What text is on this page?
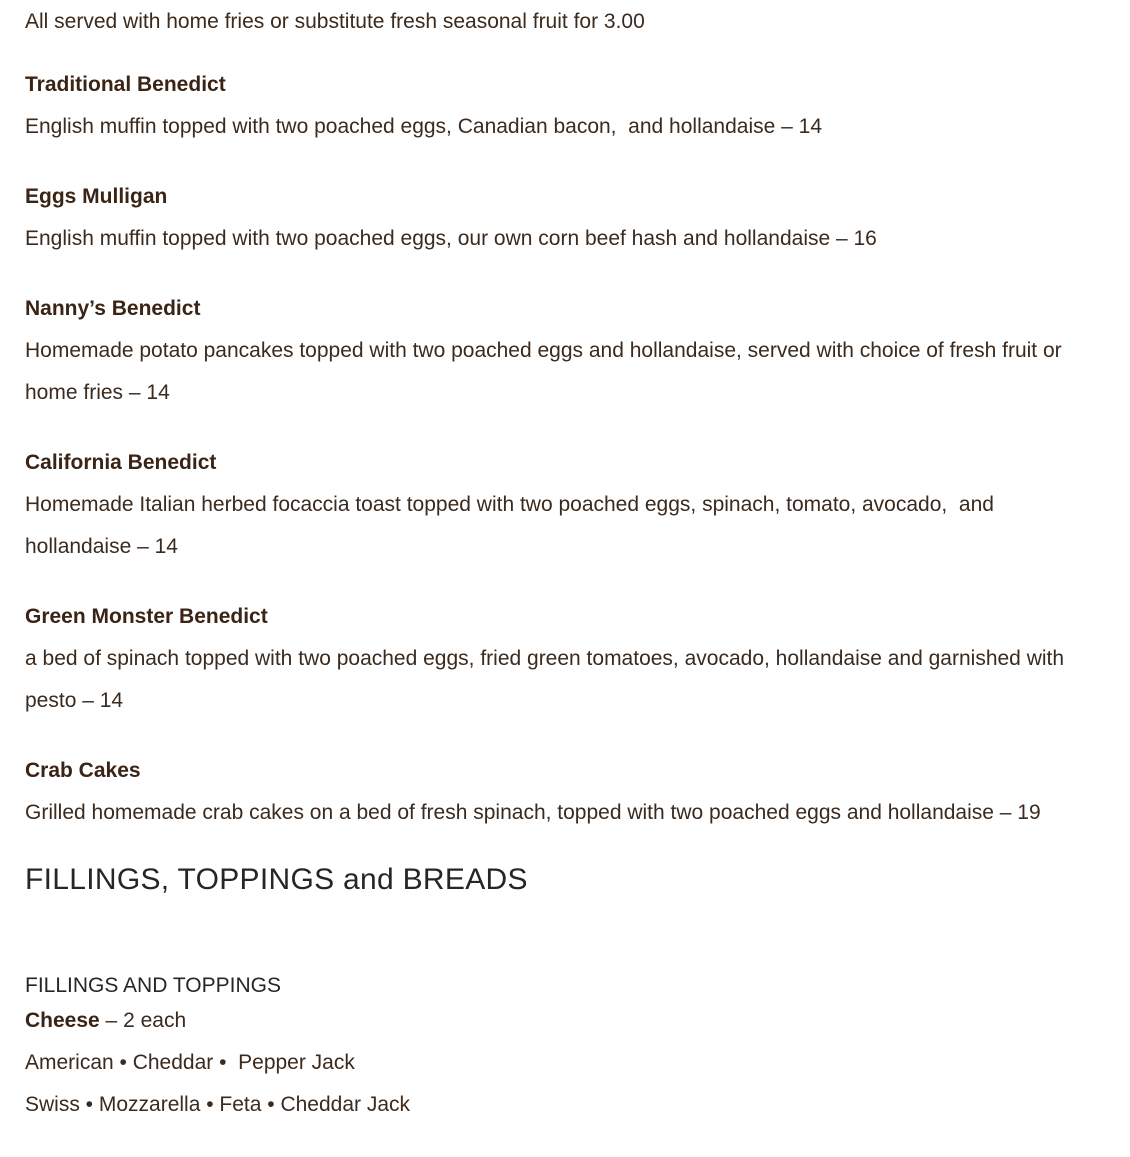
All served with home fries or substitute fresh seasonal fruit for 3.00

Traditional Benedict

English muffin topped with two poached eggs, Canadian bacon,  and hollandaise – 14

Eggs Mulligan

English muffin topped with two poached eggs, our own corn beef hash and hollandaise – 16

Nanny’s Benedict

Homemade potato pancakes topped with two poached eggs and hollandaise, served with choice of fresh fruit or home fries – 14

California Benedict

Homemade Italian herbed focaccia toast topped with two poached eggs, spinach, tomato, avocado,  and hollandaise – 14

Green Monster Benedict

a bed of spinach topped with two poached eggs, fried green tomatoes, avocado, hollandaise and garnished with pesto – 14

Crab Cakes

Grilled homemade crab cakes on a bed of fresh spinach, topped with two poached eggs and hollandaise – 19

FILLINGS, TOPPINGS and BREADS

FILLINGS AND TOPPINGS

Cheese – 2 each

American • Cheddar •  Pepper Jack

Swiss • Mozzarella • Feta • Cheddar Jack
